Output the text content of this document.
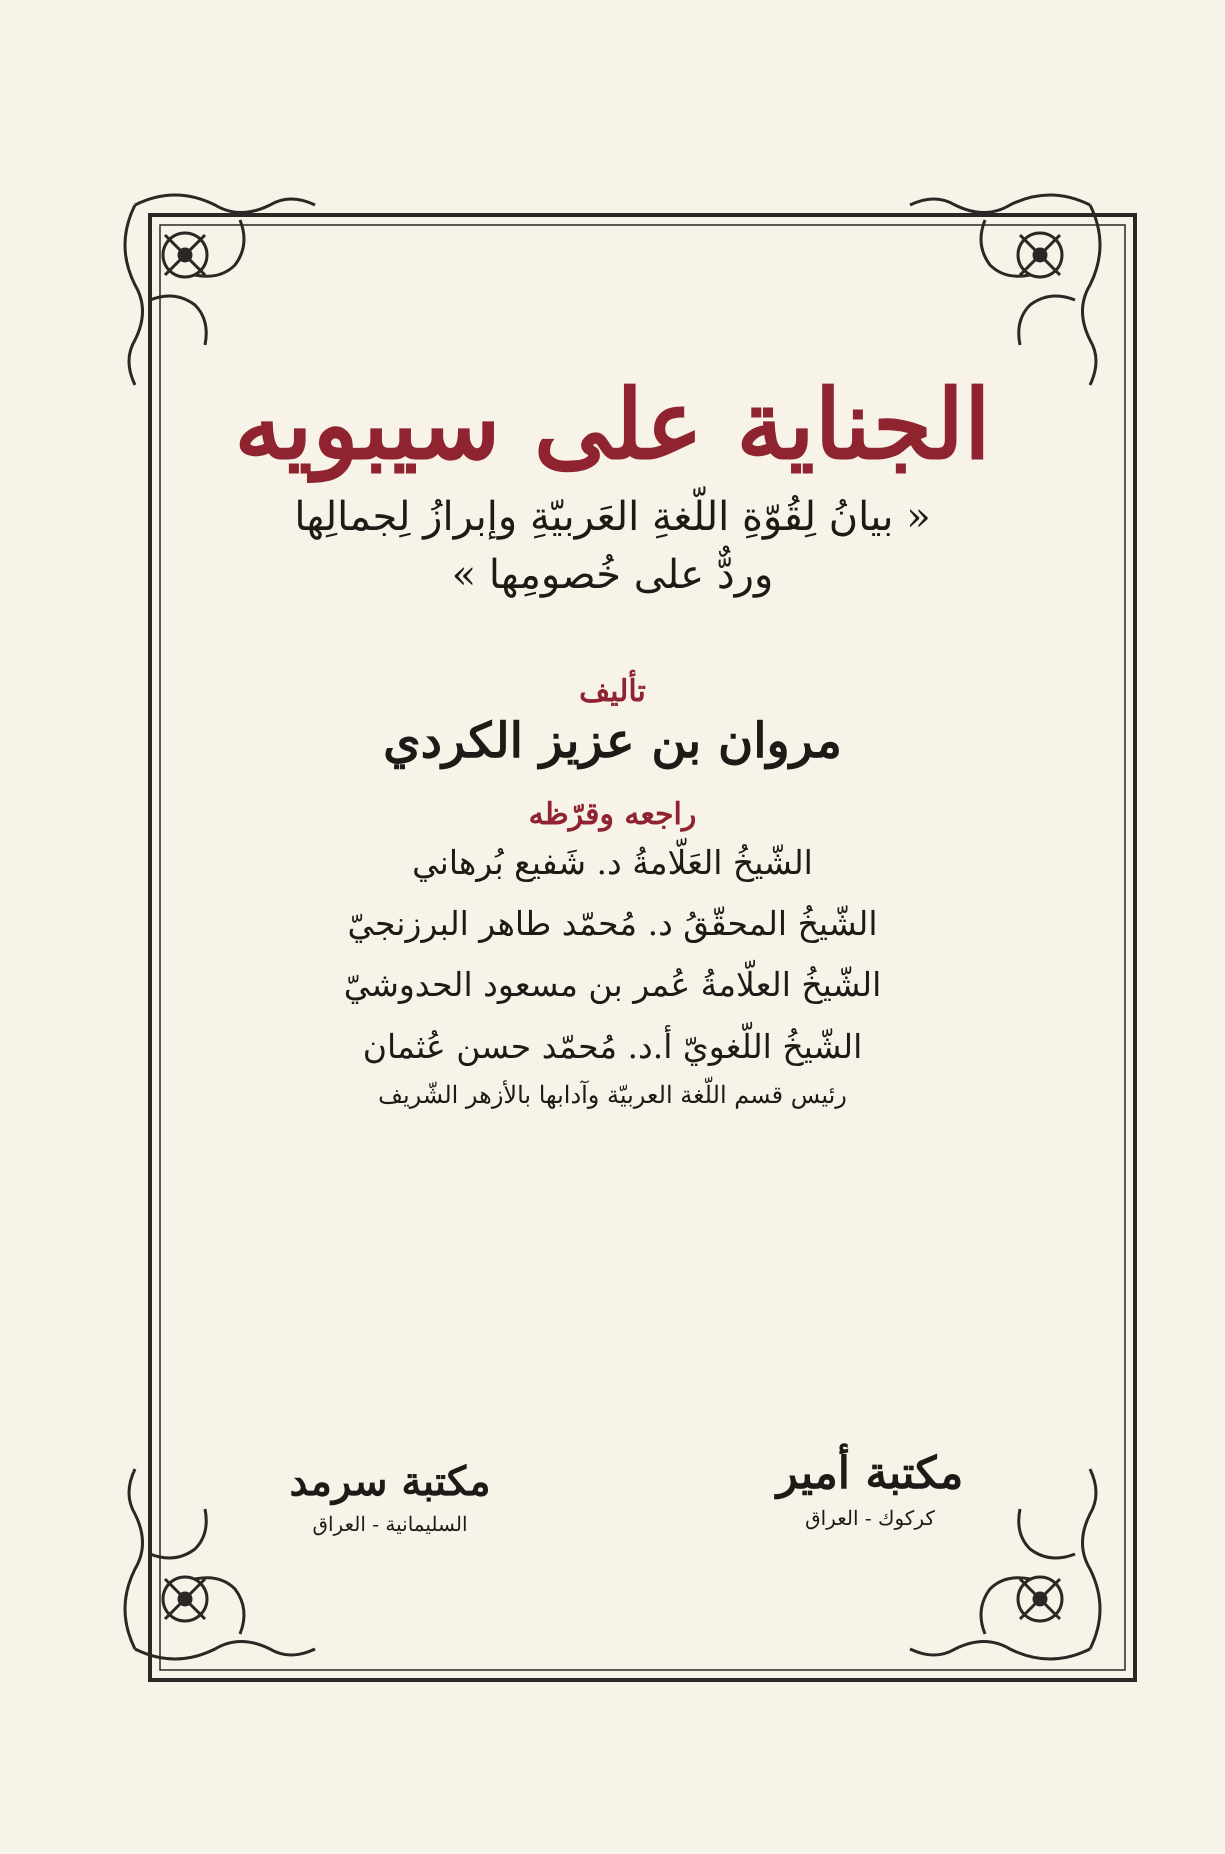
الجناية على سيبويه

« بيانُ لِقُوّةِ اللّغةِ العَربيّةِ وإبرازُ لِجمالِها
وردٌّ على خُصومِها »

تأليف
مروان بن عزيز الكردي
راجعه وقرّظه
الشّيخُ العَلّامةُ د. شَفيع بُرهاني
الشّيخُ المحقّقُ د. مُحمّد طاهر البرزنجيّ
الشّيخُ العلّامةُ عُمر بن مسعود الحدوشيّ
الشّيخُ اللّغويّ أ.د. مُحمّد حسن عُثمان
رئيس قسم اللّغة العربيّة وآدابها بالأزهر الشّريف
مكتبة سرمد
السليمانية - العراق
مكتبة أمير
كركوك - العراق
